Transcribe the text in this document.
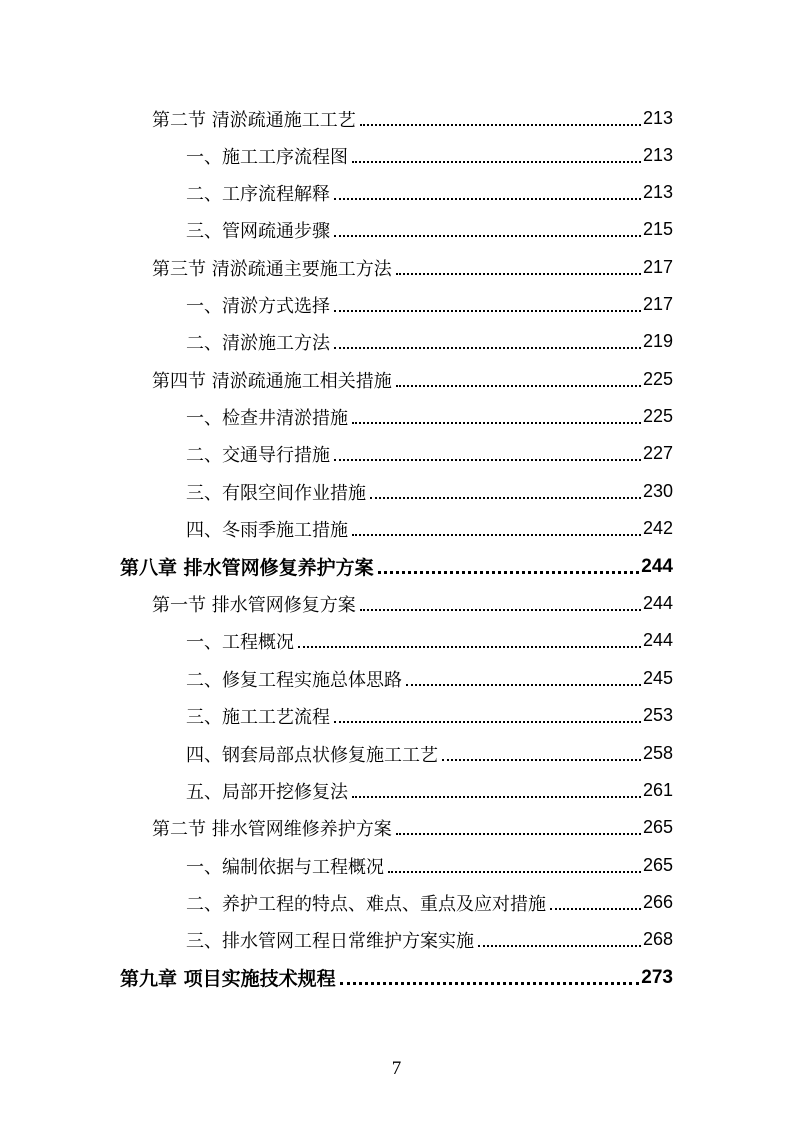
第二节 清淤疏通施工工艺	213
一、施工工序流程图	213
二、工序流程解释	213
三、管网疏通步骤	215
第三节 清淤疏通主要施工方法	217
一、清淤方式选择	217
二、清淤施工方法	219
第四节 清淤疏通施工相关措施	225
一、检查井清淤措施	225
二、交通导行措施	227
三、有限空间作业措施	230
四、冬雨季施工措施	242
第八章 排水管网修复养护方案	244
第一节 排水管网修复方案	244
一、工程概况	244
二、修复工程实施总体思路	245
三、施工工艺流程	253
四、钢套局部点状修复施工工艺	258
五、局部开挖修复法	261
第二节 排水管网维修养护方案	265
一、编制依据与工程概况	265
二、养护工程的特点、难点、重点及应对措施	266
三、排水管网工程日常维护方案实施	268
第九章 项目实施技术规程	273
7
